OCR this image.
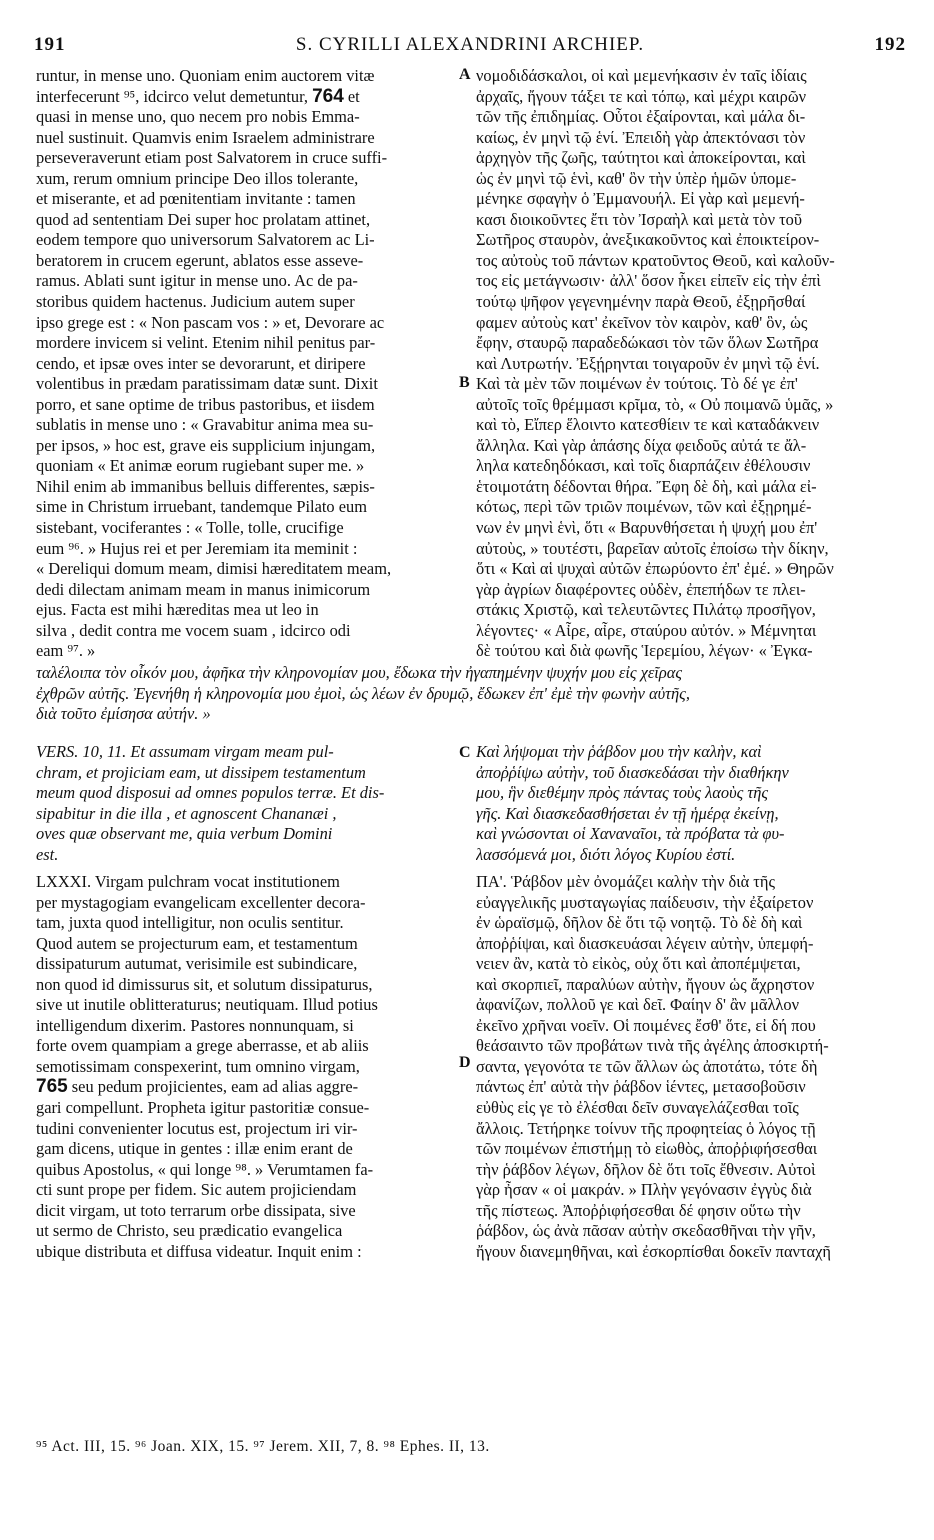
191	S. CYRILLI ALEXANDRINI ARCHIEP.	192
runtur, in mense uno. Quoniam enim auctorem vitæ
interfecerunt ⁹⁵, idcirco velut demetuntur, 764 et
quasi in mense uno, quo necem pro nobis Emma-
nuel sustinuit. Quamvis enim Israelem administrare
perseveraverunt etiam post Salvatorem in cruce suffi-
xum, rerum omnium principe Deo illos tolerante,
et miserante, et ad pœnitentiam invitante : tamen
quod ad sententiam Dei super hoc prolatam attinet,
eodem tempore quo universorum Salvatorem ac Li-
beratorem in crucem egerunt, ablatos esse asseve-
ramus. Ablati sunt igitur in mense uno. Ac de pa-
storibus quidem hactenus. Judicium autem super
ipso grege est : « Non pascam vos : » et, Devorare ac
mordere invicem si velint. Etenim nihil penitus par-
cendo, et ipsæ oves inter se devorarunt, et diripere
volentibus in prædam paratissimam datæ sunt. Dixit
porro, et sane optime de tribus pastoribus, et iisdem
sublatis in mense uno : « Gravabitur anima mea su-
per ipsos, » hoc est, grave eis supplicium injungam,
quoniam « Et animæ eorum rugiebant super me. »
Nihil enim ab immanibus belluis differentes, sæpis-
sime in Christum irruebant, tandemque Pilato eum
sistebant, vociferantes : « Tolle, tolle, crucifige
eum ⁹⁶. » Hujus rei et per Jeremiam ita meminit :
« Dereliqui domum meam, dimisi hæreditatem meam,
dedi dilectam animam meam in manus inimicorum
ejus. Facta est mihi hæreditas mea ut leo in
silva , dedit contra me vocem suam , idcirco odi
eam ⁹⁷. »
νομοδιδάσκαλοι, οἱ καὶ μεμενήκασιν ἐν ταῖς ἰδίαις
ἀρχαῖς, ἤγουν τάξει τε καὶ τόπῳ, καὶ μέχρι καιρῶν
τῶν τῆς ἐπιδημίας. Οὗτοι ἐξαίρονται, καὶ μάλα δι-
καίως, ἐν μηνὶ τῷ ἑνί. Ἐπειδὴ γὰρ ἀπεκτόνασι τὸν
ἀρχηγὸν τῆς ζωῆς, ταύτητοι καὶ ἀποκείρονται, καὶ
ὡς ἐν μηνὶ τῷ ἑνὶ, καθ' ὃν τὴν ὑπὲρ ἡμῶν ὑπομε-
μένηκε σφαγὴν ὁ Ἐμμανουήλ. Εἰ γὰρ καὶ μεμενή-
κασι διοικοῦντες ἔτι τὸν Ἰσραὴλ καὶ μετὰ τὸν τοῦ
Σωτῆρος σταυρὸν, ἀνεξικακοῦντος καὶ ἐποικτείρον-
τος αὐτοὺς τοῦ πάντων κρατοῦντος Θεοῦ, καὶ καλοῦν-
τος εἰς μετάγνωσιν· ἀλλ' ὅσον ἧκει εἰπεῖν εἰς τὴν ἐπὶ
τούτῳ ψῆφον γεγενημένην παρὰ Θεοῦ, ἐξῃρῆσθαί
φαμεν αὐτοὺς κατ' ἐκεῖνον τὸν καιρὸν, καθ' ὃν, ὡς
ἔφην, σταυρῷ παραδεδώκασι τὸν τῶν ὅλων Σωτῆρα
καὶ Λυτρωτήν. Ἐξῄρηνται τοιγαροῦν ἐν μηνὶ τῷ ἑνί.
Καὶ τὰ μὲν τῶν ποιμένων ἐν τούτοις. Τὸ δέ γε ἐπ'
αὐτοῖς τοῖς θρέμμασι κρῖμα, τὸ, « Οὐ ποιμανῶ ὑμᾶς, »
καὶ τὸ, Εἴπερ ἕλοιντο κατεσθίειν τε καὶ καταδάκνειν
ἄλληλα. Καὶ γὰρ ἁπάσης δίχα φειδοῦς αὐτά τε ἄλ-
ληλα κατεδηδόκασι, καὶ τοῖς διαρπάζειν ἐθέλουσιν
ἑτοιμοτάτη δέδονται θήρα. Ἔφη δὲ δὴ, καὶ μάλα εἰ-
κότως, περὶ τῶν τριῶν ποιμένων, τῶν καὶ ἐξῃρημέ-
νων ἐν μηνὶ ἑνὶ, ὅτι « Βαρυνθήσεται ἡ ψυχή μου ἐπ'
αὐτοὺς, » τουτέστι, βαρεῖαν αὐτοῖς ἐποίσω τὴν δίκην,
ὅτι « Καὶ αἱ ψυχαὶ αὐτῶν ἐπωρύοντο ἐπ' ἐμέ. » Θηρῶν
γὰρ ἀγρίων διαφέροντες οὐδὲν, ἐπεπήδων τε πλει-
στάκις Χριστῷ, καὶ τελευτῶντες Πιλάτῳ προσῆγον,
λέγοντες· « Αἶρε, αἶρε, σταύρου αὐτόν. » Μέμνηται
δὲ τούτου καὶ διὰ φωνῆς Ἱερεμίου, λέγων· « Ἐγκα-
ταλέλοιπα τὸν οἶκόν μου, ἀφῆκα τὴν κληρονομίαν μου, ἔδωκα τὴν ἠγαπημένην ψυχήν μου εἰς χεῖρας
ἐχθρῶν αὐτῆς. Ἐγενήθη ἡ κληρονομία μου ἐμοὶ, ὡς λέων ἐν δρυμῷ, ἔδωκεν ἐπ' ἐμὲ τὴν φωνὴν αὐτῆς,
διὰ τοῦτο ἐμίσησα αὐτήν. »
VERS. 10, 11. Et assumam virgam meam pul-
chram, et projiciam eam, ut dissipem testamentum
meum quod disposui ad omnes populos terræ. Et dis-
sipabitur in die illa , et agnoscent Chananæi ,
oves quæ observant me, quia verbum Domini
est.
Καὶ λήψομαι τὴν ῥάβδον μου τὴν καλὴν, καὶ
ἀποῤῥίψω αὐτὴν, τοῦ διασκεδάσαι τὴν διαθήκην
μου, ἣν διεθέμην πρὸς πάντας τοὺς λαοὺς τῆς
γῆς. Καὶ διασκεδασθήσεται ἐν τῇ ἡμέρᾳ ἐκείνῃ,
καὶ γνώσονται οἱ Χαναναῖοι, τὰ πρόβατα τὰ φυ-
λασσόμενά μοι, διότι λόγος Κυρίου ἐστί.
LXXXI. Virgam pulchram vocat institutionem
per mystagogiam evangelicam excellenter decora-
tam, juxta quod intelligitur, non oculis sentitur.
Quod autem se projecturum eam, et testamentum
dissipaturum autumat, verisimile est subindicare,
non quod id dimissurus sit, et solutum dissipaturus,
sive ut inutile oblitteraturus; neutiquam. Illud potius
intelligendum dixerim. Pastores nonnunquam, si
forte ovem quampiam a grege aberrasse, et ab aliis
semotissimam conspexerint, tum omnino virgam,
765 seu pedum projicientes, eam ad alias aggre-
gari compellunt. Propheta igitur pastoritiæ consue-
tudini convenienter locutus est, projectum iri vir-
gam dicens, utique in gentes : illæ enim erant de
quibus Apostolus, « qui longe ⁹⁸. » Verumtamen fa-
cti sunt prope per fidem. Sic autem projiciendam
dicit virgam, ut toto terrarum orbe dissipata, sive
ut sermo de Christo, seu prædicatio evangelica
ubique distributa et diffusa videatur. Inquit enim :
ΠΑ'. Ῥάβδον μὲν ὀνομάζει καλὴν τὴν διὰ τῆς
εὐαγγελικῆς μυσταγωγίας παίδευσιν, τὴν ἐξαίρετον
ἐν ὡραϊσμῷ, δῆλον δὲ ὅτι τῷ νοητῷ. Τὸ δὲ δὴ καὶ
ἀποῤῥίψαι, καὶ διασκευάσαι λέγειν αὐτὴν, ὑπεμφή-
νειεν ἂν, κατὰ τὸ εἰκὸς, οὐχ ὅτι καὶ ἀποπέμψεται,
καὶ σκορπιεῖ, παραλύων αὐτὴν, ἤγουν ὡς ἄχρηστον
ἀφανίζων, πολλοῦ γε καὶ δεῖ. Φαίην δ' ἂν μᾶλλον
ἐκεῖνο χρῆναι νοεῖν. Οἱ ποιμένες ἔσθ' ὅτε, εἰ δή που
θεάσαιντο τῶν προβάτων τινὰ τῆς ἀγέλης ἀποσκιρτή-
σαντα, γεγονότα τε τῶν ἄλλων ὡς ἀποτάτω, τότε δὴ
πάντως ἐπ' αὐτὰ τὴν ῥάβδον ἱέντες, μετασοβοῦσιν
εὐθὺς εἰς γε τὸ ἐλέσθαι δεῖν συναγελάζεσθαι τοῖς
ἄλλοις. Τετήρηκε τοίνυν τῆς προφητείας ὁ λόγος τῇ
τῶν ποιμένων ἐπιστήμῃ τὸ εἰωθὸς, ἀποῤῥιφήσεσθαι
τὴν ῥάβδον λέγων, δῆλον δὲ ὅτι τοῖς ἔθνεσιν. Αὐτοὶ
γὰρ ἦσαν « οἱ μακράν. » Πλὴν γεγόνασιν ἐγγὺς διὰ
τῆς πίστεως. Ἀποῤῥιφήσεσθαι δέ φησιν οὕτω τὴν
ῥάβδον, ὡς ἀνὰ πᾶσαν αὐτὴν σκεδασθῆναι τὴν γῆν,
ἤγουν διανεμηθῆναι, καὶ ἐσκορπίσθαι δοκεῖν πανταχῆ
A
B
C
D
⁹⁵ Act. III, 15. ⁹⁶ Joan. XIX, 15. ⁹⁷ Jerem. XII, 7, 8. ⁹⁸ Ephes. II, 13.
